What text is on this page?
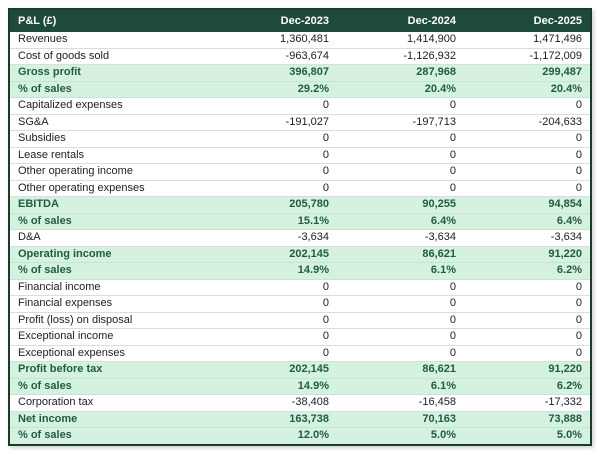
P&L (£)	Dec-2023	Dec-2024	Dec-2025
Revenues	1,360,481	1,414,900	1,471,496
Cost of goods sold	-963,674	-1,126,932	-1,172,009
Gross profit	396,807	287,968	299,487
% of sales	29.2%	20.4%	20.4%
Capitalized expenses	0	0	0
SG&A	-191,027	-197,713	-204,633
Subsidies	0	0	0
Lease rentals	0	0	0
Other operating income	0	0	0
Other operating expenses	0	0	0
EBITDA	205,780	90,255	94,854
% of sales	15.1%	6.4%	6.4%
D&A	-3,634	-3,634	-3,634
Operating income	202,145	86,621	91,220
% of sales	14.9%	6.1%	6.2%
Financial income	0	0	0
Financial expenses	0	0	0
Profit (loss) on disposal	0	0	0
Exceptional income	0	0	0
Exceptional expenses	0	0	0
Profit before tax	202,145	86,621	91,220
% of sales	14.9%	6.1%	6.2%
Corporation tax	-38,408	-16,458	-17,332
Net income	163,738	70,163	73,888
% of sales	12.0%	5.0%	5.0%
